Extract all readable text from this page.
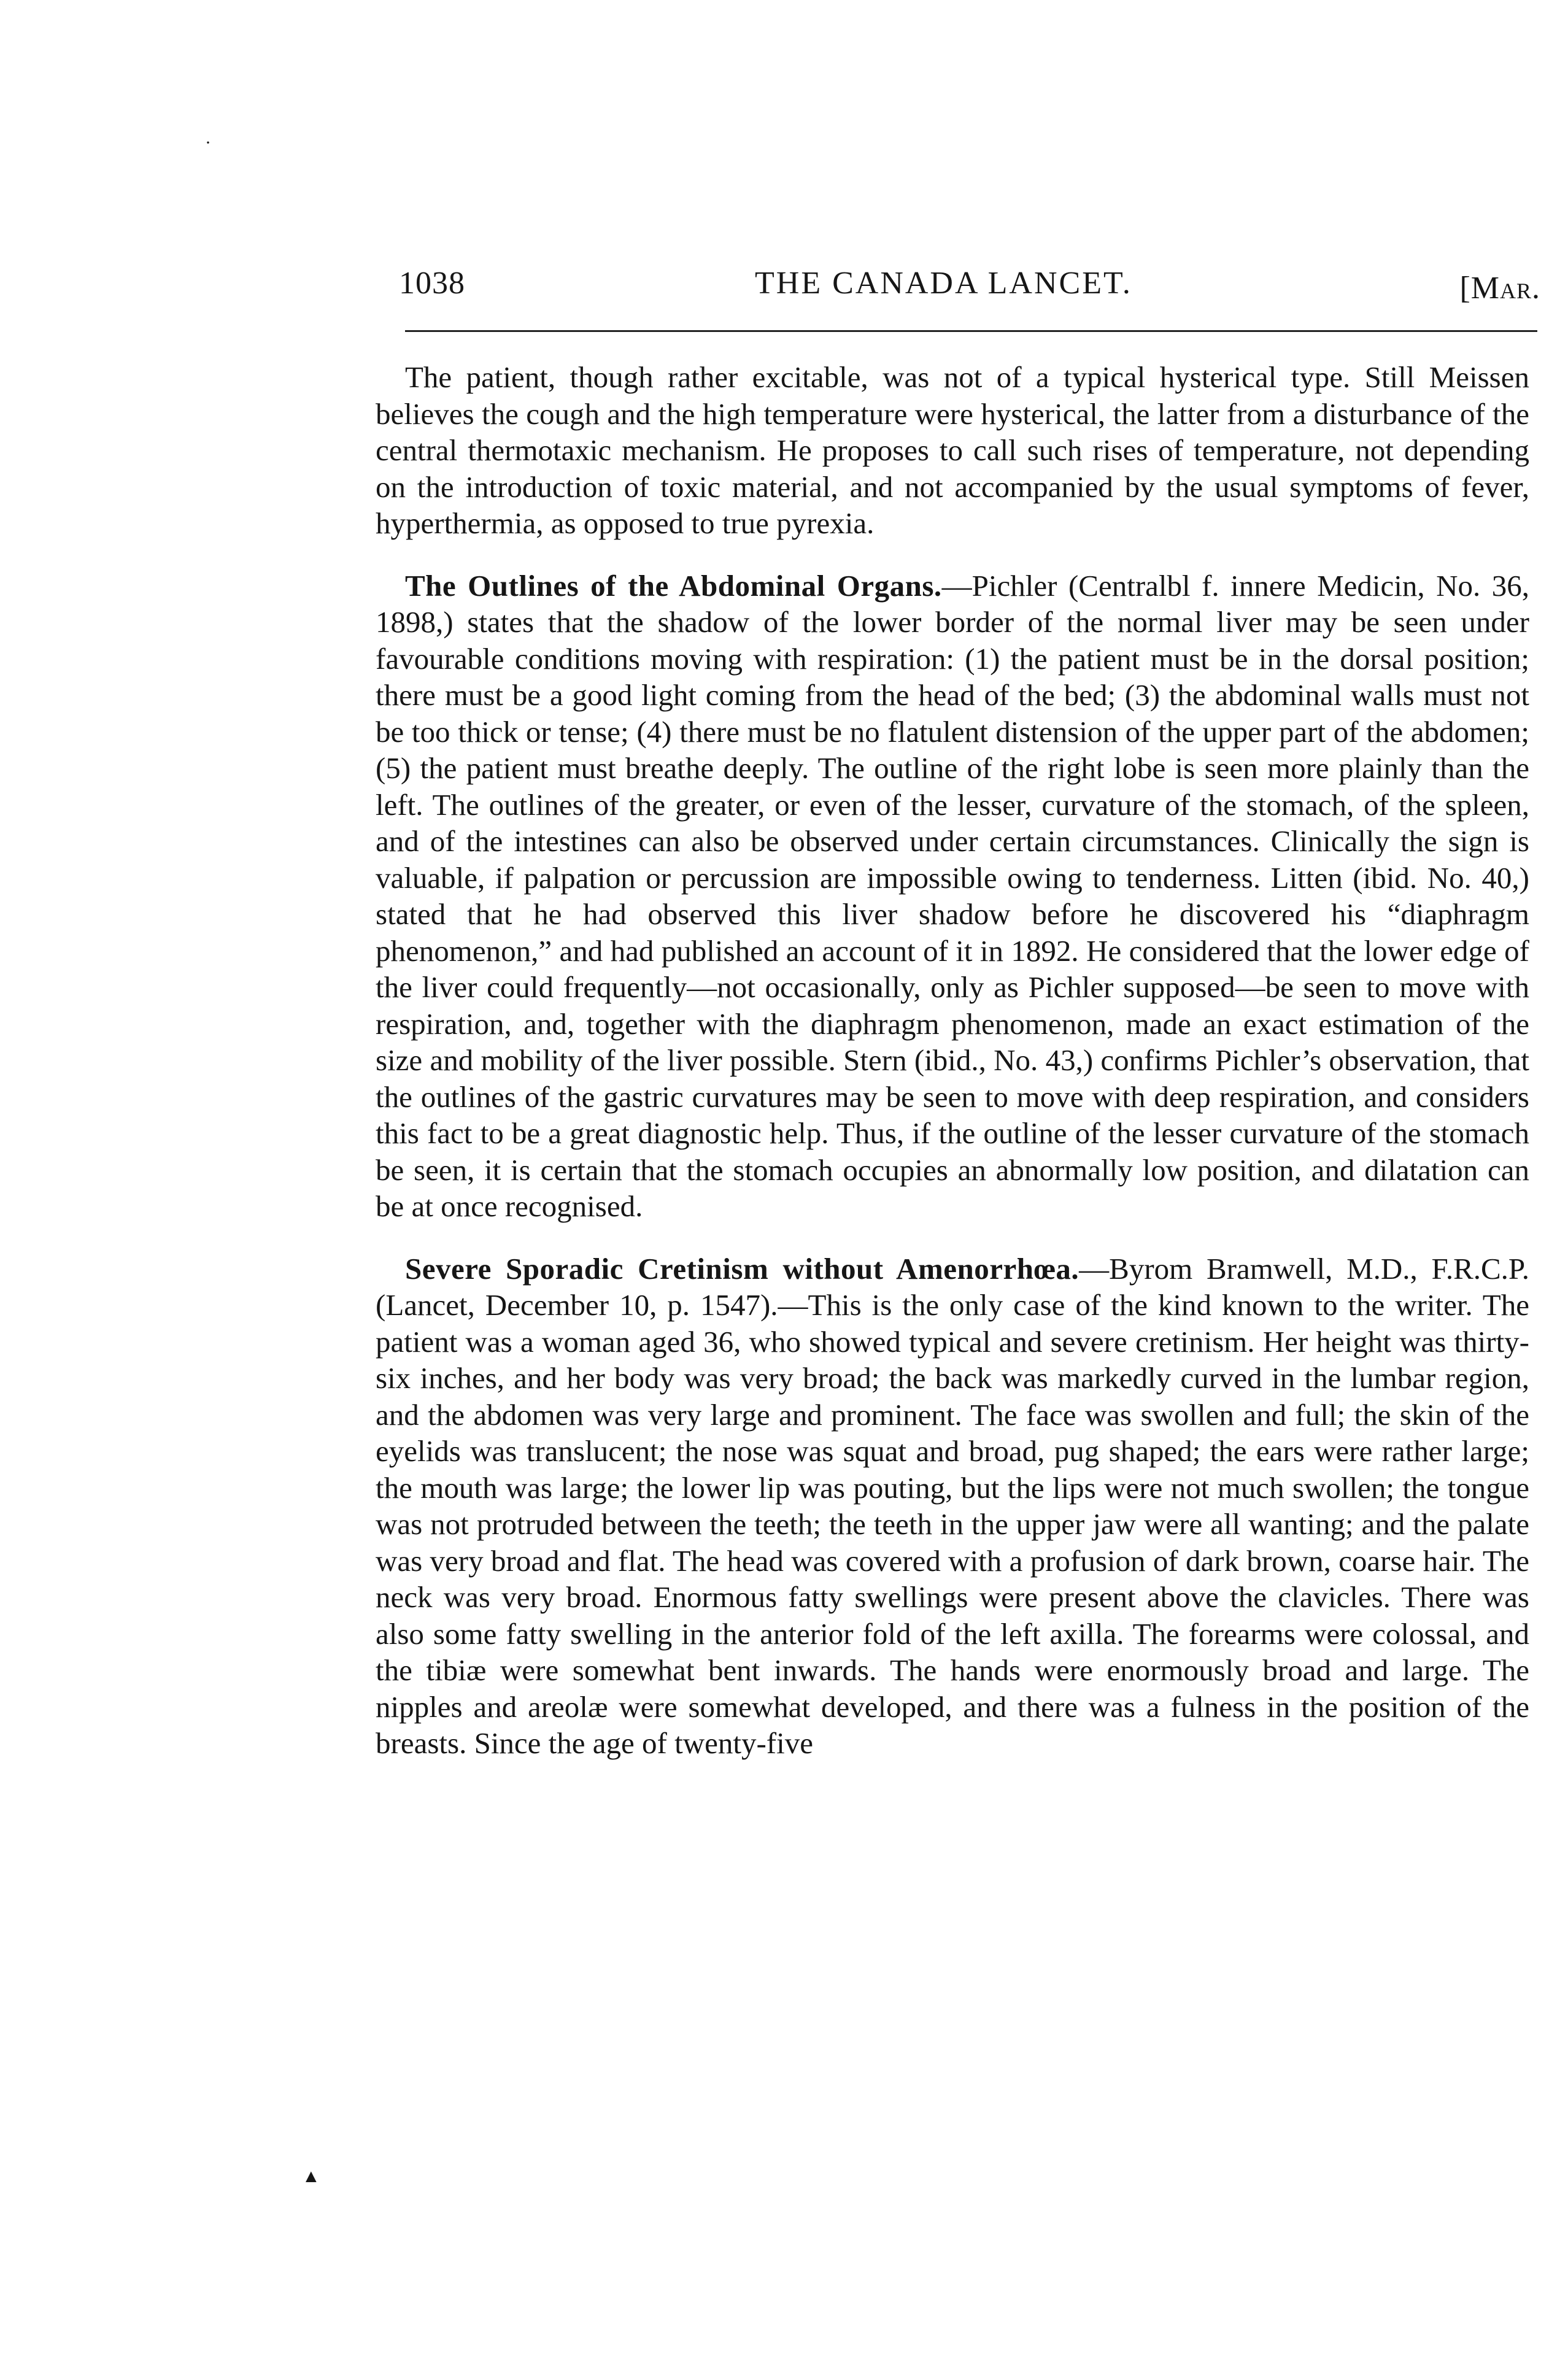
1038	THE CANADA LANCET.	[Mar.

The patient, though rather excitable, was not of a typical hysterical type. Still Meissen believes the cough and the high temperature were hysterical, the latter from a disturbance of the central thermotaxic mechanism. He proposes to call such rises of temperature, not depending on the introduction of toxic material, and not accompanied by the usual symptoms of fever, hyperthermia, as opposed to true pyrexia.

The Outlines of the Abdominal Organs.—Pichler (Centralbl f. innere Medicin, No. 36, 1898,) states that the shadow of the lower border of the normal liver may be seen under favourable conditions moving with respiration: (1) the patient must be in the dorsal position; there must be a good light coming from the head of the bed; (3) the abdominal walls must not be too thick or tense; (4) there must be no flatulent distension of the upper part of the abdomen; (5) the patient must breathe deeply. The outline of the right lobe is seen more plainly than the left. The outlines of the greater, or even of the lesser, curvature of the stomach, of the spleen, and of the intestines can also be observed under certain circumstances. Clinically the sign is valuable, if palpation or percussion are impossible owing to tenderness. Litten (ibid. No. 40,) stated that he had observed this liver shadow before he discovered his “diaphragm phenomenon,” and had published an account of it in 1892. He considered that the lower edge of the liver could frequently—not occasionally, only as Pichler supposed—be seen to move with respiration, and, together with the diaphragm phenomenon, made an exact estimation of the size and mobility of the liver possible. Stern (ibid., No. 43,) confirms Pichler’s observation, that the outlines of the gastric curvatures may be seen to move with deep respiration, and considers this fact to be a great diagnostic help. Thus, if the outline of the lesser curvature of the stomach be seen, it is certain that the stomach occupies an abnormally low position, and dilatation can be at once recognised.

Severe Sporadic Cretinism without Amenorrhœa.—Byrom Bramwell, M.D., F.R.C.P. (Lancet, December 10, p. 1547).—This is the only case of the kind known to the writer. The patient was a woman aged 36, who showed typical and severe cretinism. Her height was thirty-six inches, and her body was very broad; the back was markedly curved in the lumbar region, and the abdomen was very large and prominent. The face was swollen and full; the skin of the eyelids was translucent; the nose was squat and broad, pug shaped; the ears were rather large; the mouth was large; the lower lip was pouting, but the lips were not much swollen; the tongue was not protruded between the teeth; the teeth in the upper jaw were all wanting; and the palate was very broad and flat. The head was covered with a profusion of dark brown, coarse hair. The neck was very broad. Enormous fatty swellings were present above the clavicles. There was also some fatty swelling in the anterior fold of the left axilla. The forearms were colossal, and the tibiæ were somewhat bent inwards. The hands were enormously broad and large. The nipples and areolæ were somewhat developed, and there was a fulness in the position of the breasts. Since the age of twenty-five

·
▲
